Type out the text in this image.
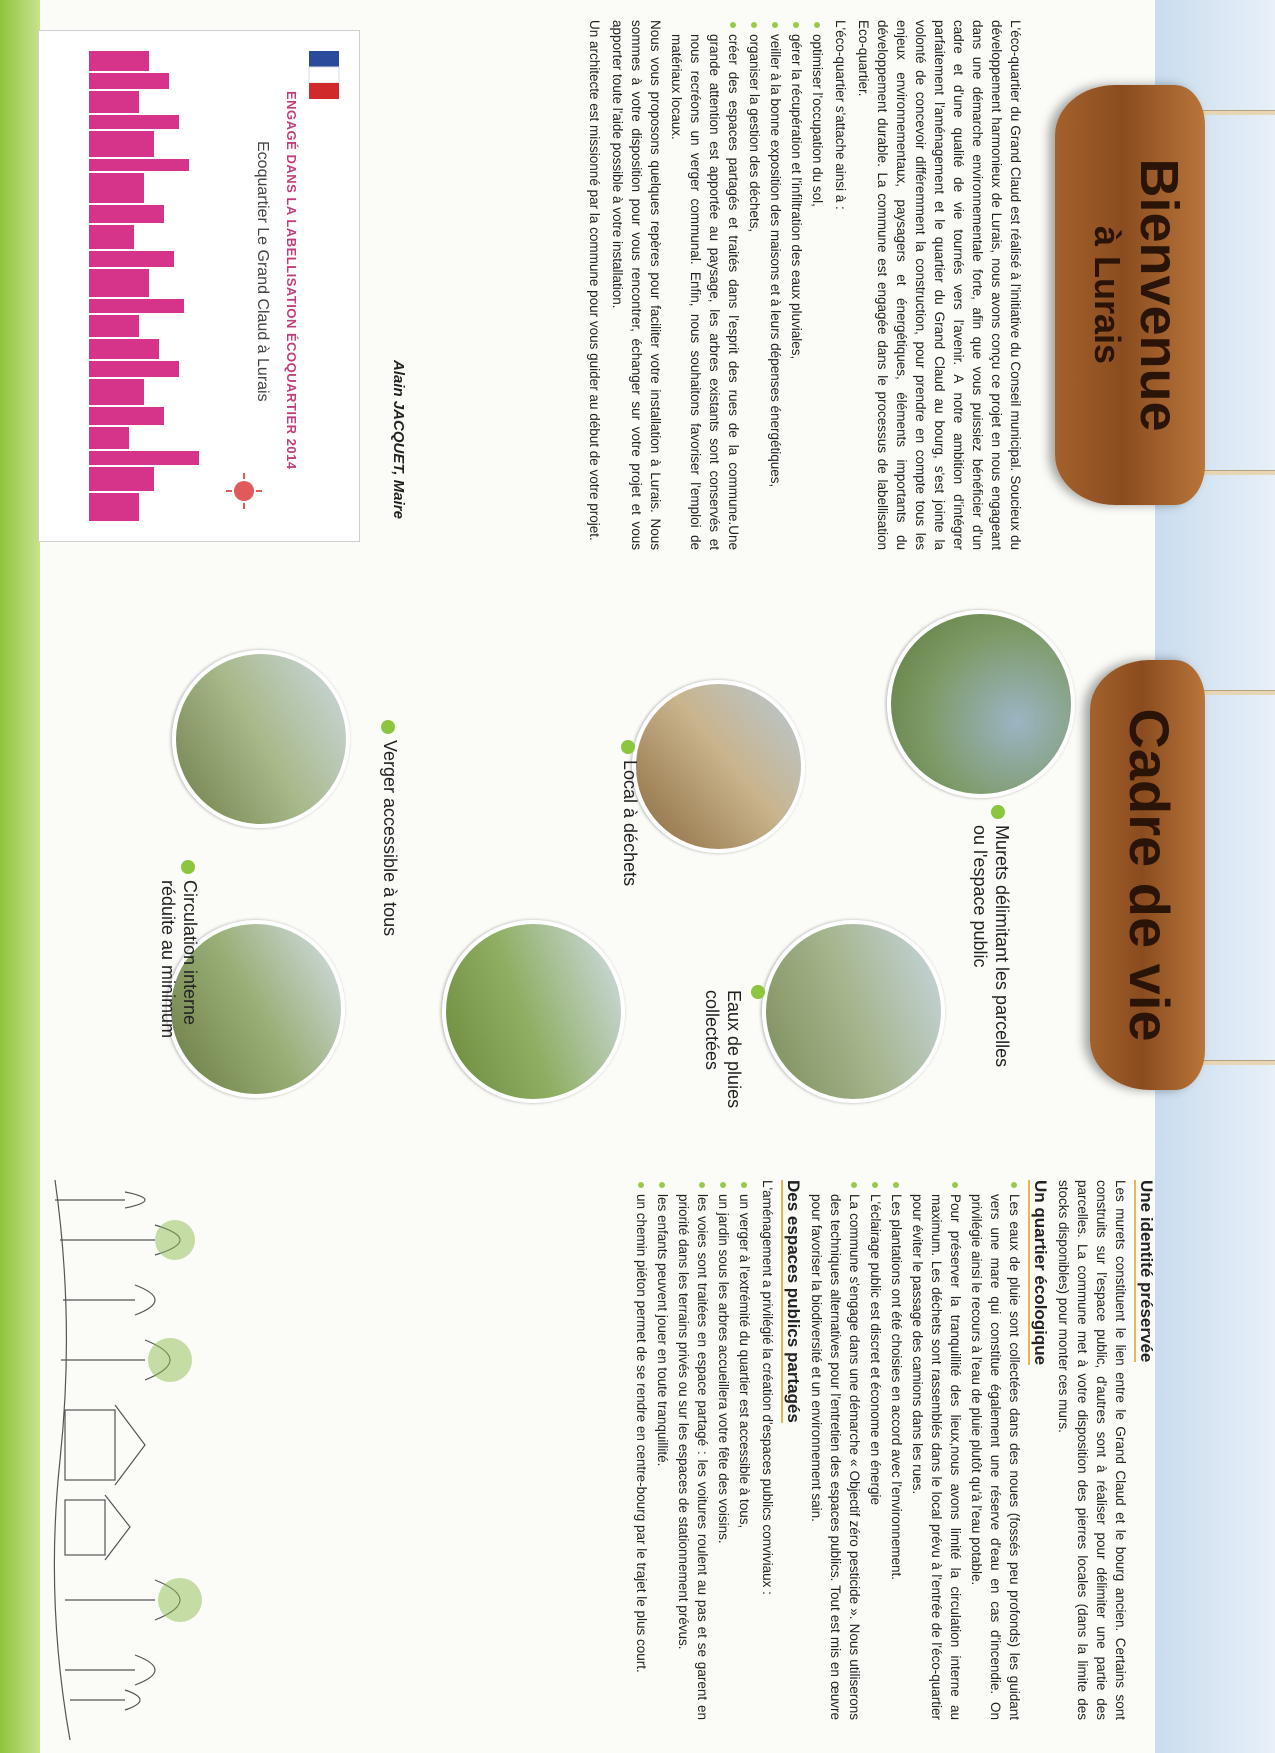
Bienvenue
à Lurais

L'éco-quartier du Grand Claud est réalisé à l'initiative du Conseil municipal. Soucieux du développement harmonieux de Lurais, nous avons conçu ce projet en nous engageant dans une démarche environnementale forte, afin que vous puissiez bénéficier d'un cadre et d'une qualité de vie tournés vers l'avenir. A notre ambition d'intégrer parfaitement l'aménagement et le quartier du Grand Claud au bourg, s'est jointe la volonté de concevoir différemment la construction, pour prendre en compte tous les enjeux environnementaux, paysagers et énergétiques, éléments importants du développement durable. La commune est engagée dans le processus de labellisation Eco-quartier.

L'éco-quartier s'attache ainsi à :

optimiser l'occupation du sol,
gérer la récupération et l'infiltration des eaux pluviales,
veiller à la bonne exposition des maisons et à leurs dépenses énergétiques,
organiser la gestion des déchets,
créer des espaces partagés et traités dans l'esprit des rues de la commune.Une grande attention est apportée au paysage, les arbres existants sont conservés et nous recréons un verger communal. Enfin, nous souhaitons favoriser l'emploi de matériaux locaux.

Nous vous proposons quelques repères pour faciliter votre installation à Lurais. Nous sommes à votre disposition pour vous rencontrer, échanger sur votre projet et vous apporter toute l'aide possible à votre installation.

Un architecte est missionné par la commune pour vous guider au début de votre projet.

Alain JACQUET, Maire
ENGAGÉ DANS LA LABELLISATION ÉCOQUARTIER 2014
Ecoquartier Le Grand Claud à Lurais
Cadre de vie
Murets délimitant les parcelles ou l'espace public
Eaux de pluies collectées
Local à déchets
Verger accessible à tous
Circulation interne réduite au minimum
Une identité préservée

Les murets constituent le lien entre le Grand Claud et le bourg ancien. Certains sont construits sur l'espace public, d'autres sont à réaliser pour délimiter une partie des parcelles. La commune met à votre disposition des pierres locales (dans la limite des stocks disponibles) pour monter ces murs.

Un quartier écologique
Les eaux de pluie sont collectées dans des noues (fossés peu profonds) les guidant vers une mare qui constitue également une réserve d'eau en cas d'incendie. On privilégie ainsi le recours à l'eau de pluie plutôt qu'à l'eau potable.
Pour préserver la tranquillité des lieux,nous avons limité la circulation interne au maximum. Les déchets sont rassemblés dans le local prévu à l'entrée de l'éco-quartier pour éviter le passage des camions dans les rues.
Les plantations ont été choisies en accord avec l'environnement.
L'éclairage public est discret et économe en énergie
La commune s'engage dans une démarche « Objectif zéro pesticide ». Nous utiliserons des techniques alternatives pour l'entretien des espaces publics. Tout est mis en œuvre pour favoriser la biodiversité et un environnement sain.
Des espaces publics partagés

L'aménagement a privilégié la création d'espaces publics conviviaux :

un verger à l'extrémité du quartier est accessible à tous,
un jardin sous les arbres accueillera votre fête des voisins.
les voies sont traitées en espace partagé : les voitures roulent au pas et se garent en priorité dans les terrains privés ou sur les espaces de stationnement prévus.
les enfants peuvent jouer en toute tranquillité.
un chemin piéton permet de se rendre en centre-bourg par le trajet le plus court.
